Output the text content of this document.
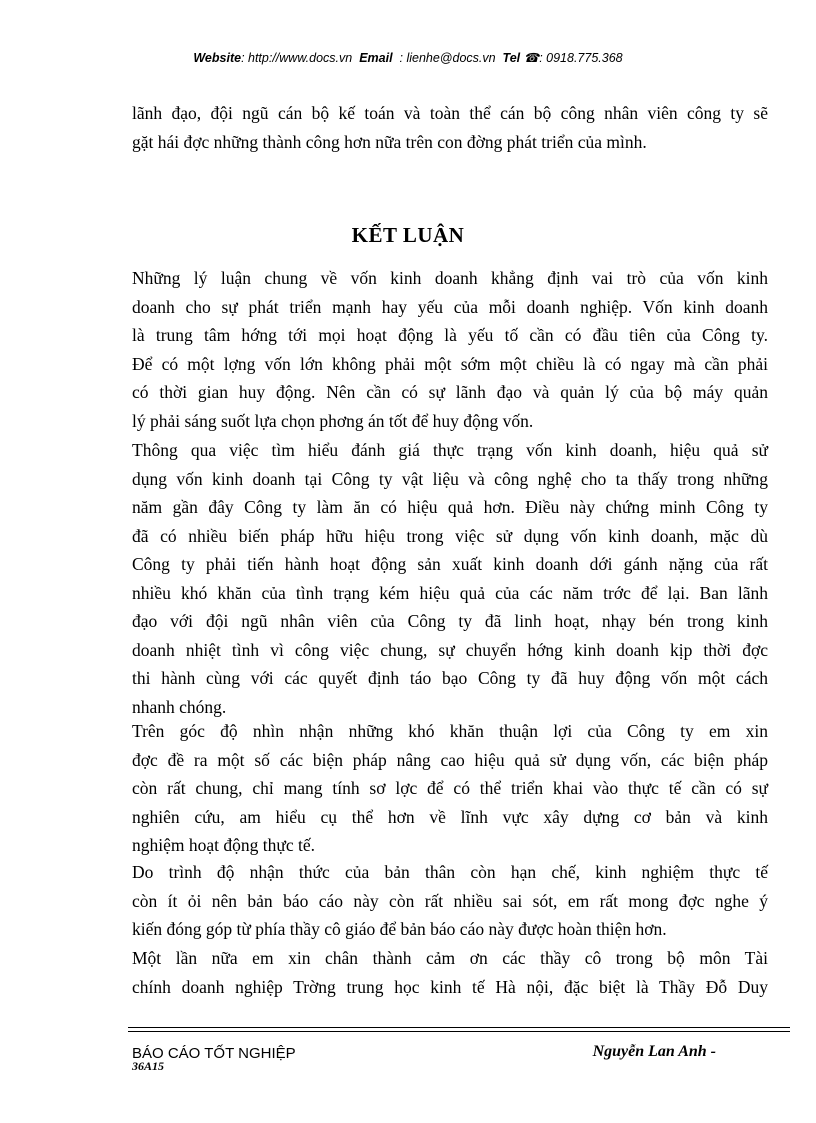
Website: http://www.docs.vn Email : lienhe@docs.vn Tel ☎: 0918.775.368
lãnh đạo, đội ngũ cán bộ kế toán và toàn thể cán bộ công nhân viên công ty sẽ
gặt hái đợc những thành công hơn nữa trên con đờng phát triển của mình.
KẾT LUẬN
Những lý luận chung về vốn kinh doanh khẳng định vai trò của vốn kinh
doanh cho sự phát triển mạnh hay yếu của mỗi doanh nghiệp. Vốn kinh doanh
là trung tâm hớng tới mọi hoạt động là yếu tố cần có đầu tiên của Công ty.
Để có một lợng vốn lớn không phải một sớm một chiều là có ngay mà cần phải
có thời gian huy động. Nên cần có sự lãnh đạo và quản lý của bộ máy quản
lý phải sáng suốt lựa chọn phơng án tốt để huy động vốn.
Thông qua việc tìm hiểu đánh giá thực trạng vốn kinh doanh, hiệu quả sử
dụng vốn kinh doanh tại Công ty vật liệu và công nghệ cho ta thấy trong những
năm gần đây Công ty làm ăn có hiệu quả hơn. Điều này chứng minh Công ty
đã có nhiều biến pháp hữu hiệu trong việc sử dụng vốn kinh doanh, mặc dù
Công ty phải tiến hành hoạt động sản xuất kinh doanh dới gánh nặng của rất
nhiều khó khăn của tình trạng kém hiệu quả của các năm trớc để lại. Ban lãnh
đạo với đội ngũ nhân viên của Công ty đã linh hoạt, nhạy bén trong kinh
doanh nhiệt tình vì công việc chung, sự chuyển hớng kinh doanh kịp thời đợc
thi hành cùng với các quyết định táo bạo Công ty đã huy động vốn một cách
nhanh chóng.
Trên góc độ nhìn nhận những khó khăn thuận lợi của Công ty em xin
đợc đề ra một số các biện pháp nâng cao hiệu quả sử dụng vốn, các biện pháp
còn rất chung, chỉ mang tính sơ lợc để có thể triển khai vào thực tế cần có sự
nghiên cứu, am hiểu cụ thể hơn về lĩnh vực xây dựng cơ bản và kinh
nghiệm hoạt động thực tế.
Do trình độ nhận thức của bản thân còn hạn chế, kinh nghiệm thực tế
còn ít ỏi nên bản báo cáo này còn rất nhiều sai sót, em rất mong đợc nghe ý
kiến đóng góp từ phía thầy cô giáo để bản báo cáo này được hoàn thiện hơn.
Một lần nữa em xin chân thành cảm ơn các thầy cô trong bộ môn Tài
chính doanh nghiệp Trờng trung học kinh tế Hà nội, đặc biệt là Thầy Đỗ Duy
BÁO CÁO TỐT NGHIỆP
36A15
Nguyễn Lan Anh -
